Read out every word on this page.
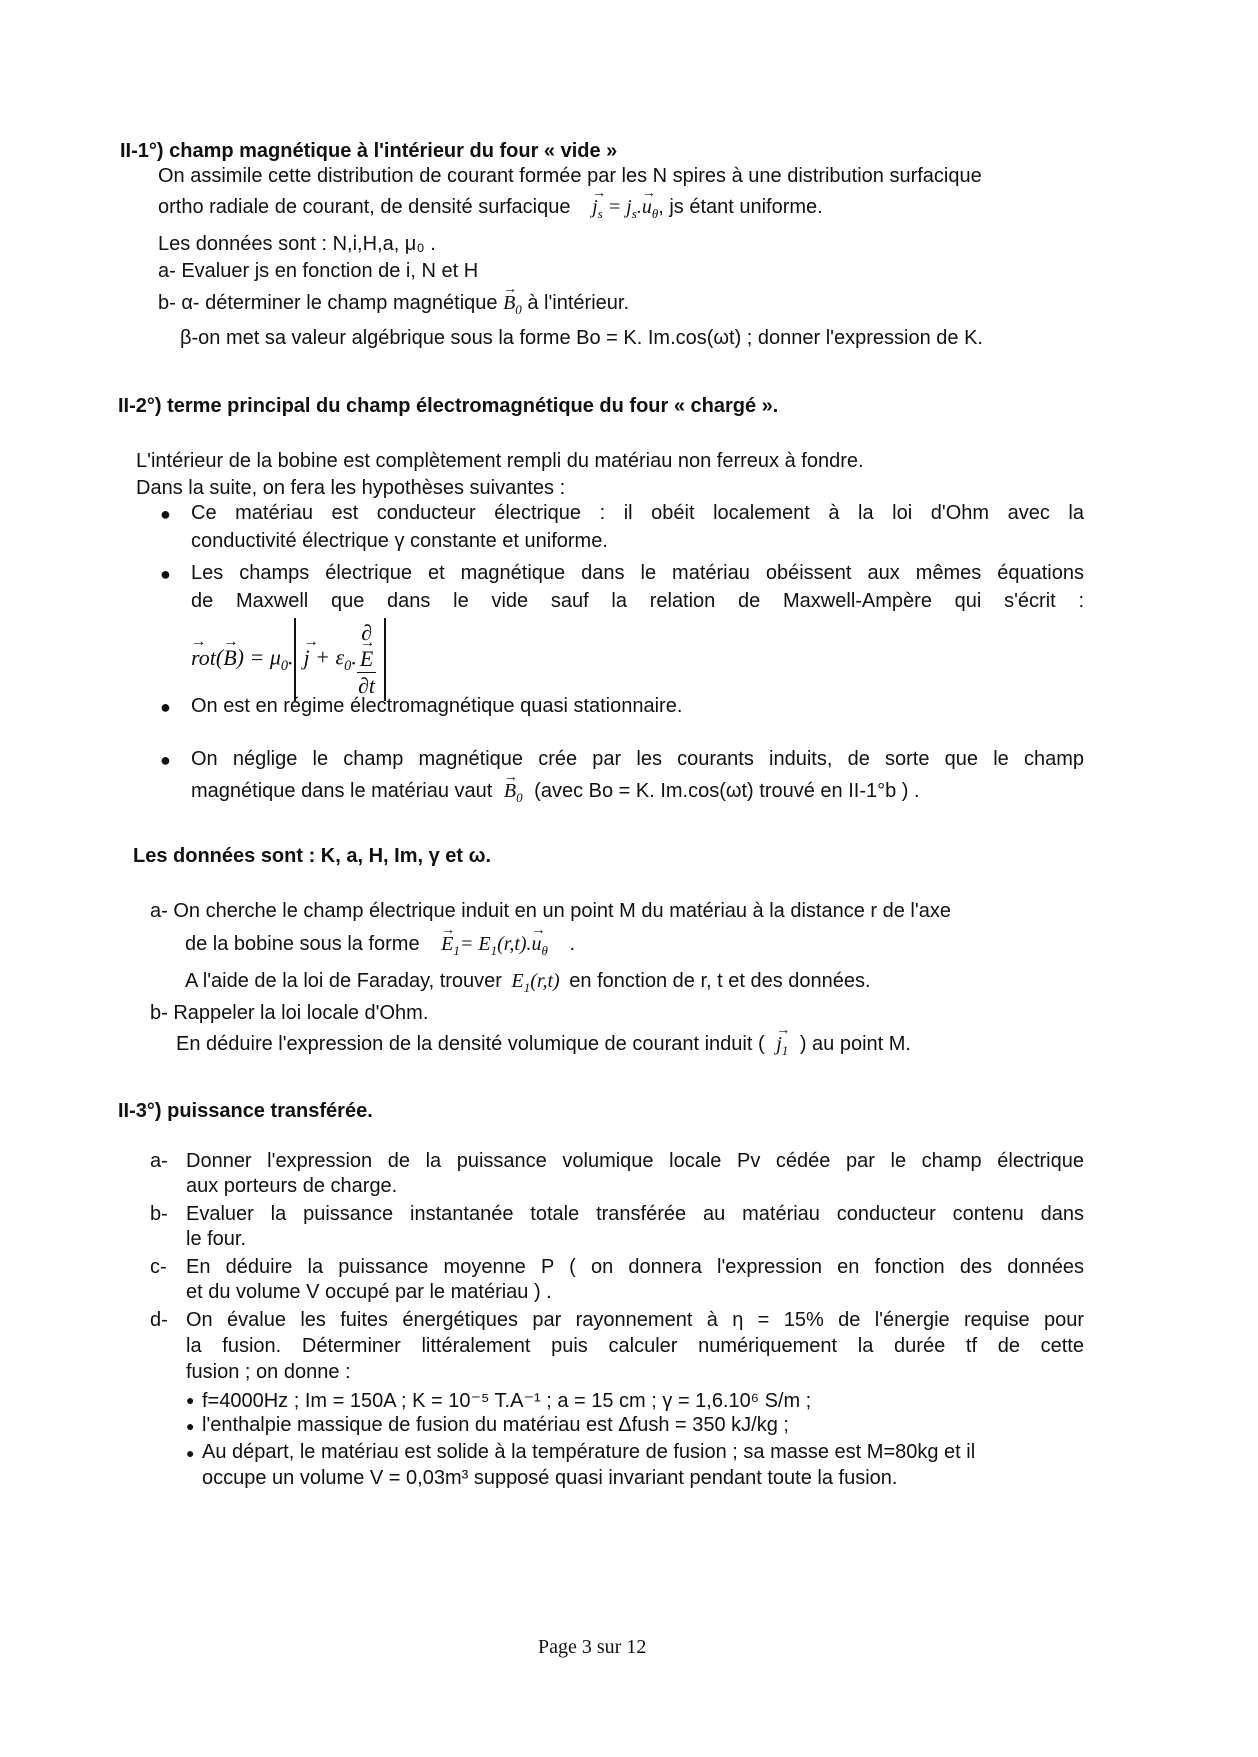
II-1°) champ magnétique à l'intérieur du four « vide »
On assimile cette distribution de courant formée par les N spires à une distribution surfacique
ortho radiale de courant, de densité surfacique → $j_s = j_s.\to u_\theta$, js étant uniforme.
Les données sont : N,i,H,a, μ₀ .
a- Evaluer js en fonction de i, N et H
b- α- déterminer le champ magnétique → $B_0$ à l'intérieur.
β-on met sa valeur algébrique sous la forme Bo = K. Im.cos(ωt) ; donner l'expression de K.
II-2°) terme principal du champ électromagnétique du four « chargé ».
L'intérieur de la bobine est complètement rempli du matériau non ferreux à fondre.
Dans la suite, on fera les hypothèses suivantes :
● Ce matériau est conducteur électrique : il obéit localement à la loi d'Ohm avec la
conductivité électrique γ constante et uniforme.
● Les champs électrique et magnétique dans le matériau obéissent aux mêmes équations
de Maxwell que dans le vide sauf la relation de Maxwell-Ampère qui s'écrit :
→ $rot(\to B) = \mu_0.\to j + \varepsilon_0$. ∂
→ E
∂t
● On est en régime électromagnétique quasi stationnaire.
● On néglige le champ magnétique crée par les courants induits, de sorte que le champ
magnétique dans le matériau vaut → $B_0$ (avec Bo = K. Im.cos(ωt) trouvé en II-1°b ) .
Les données sont : K, a, H, Im, γ et ω.
a- On cherche le champ électrique induit en un point M du matériau à la distance r de l'axe
de la bobine sous la forme → $E_1= E_1(r,t).\to u_\theta$ .
A l'aide de la loi de Faraday, trouver $E_1(r,t)$ en fonction de r, t et des données.
b- Rappeler la loi locale d'Ohm.
En déduire l'expression de la densité volumique de courant induit ( → $j_1$ ) au point M.
II-3°) puissance transférée.
a- Donner l'expression de la puissance volumique locale Pv cédée par le champ électrique
aux porteurs de charge.
b- Evaluer la puissance instantanée totale transférée au matériau conducteur contenu dans
le four.
c- En déduire la puissance moyenne P ( on donnera l'expression en fonction des données
et du volume V occupé par le matériau ) .
d- On évalue les fuites énergétiques par rayonnement à η = 15% de l'énergie requise pour
la fusion. Déterminer littéralement puis calculer numériquement la durée tf de cette
fusion ; on donne :
● f=4000Hz ; Im = 150A ; K = 10⁻⁵ T.A⁻¹ ; a = 15 cm ; γ = 1,6.10⁶ S/m ;
● l'enthalpie massique de fusion du matériau est Δfush = 350 kJ/kg ;
● Au départ, le matériau est solide à la température de fusion ; sa masse est M=80kg et il
occupe un volume V = 0,03m³ supposé quasi invariant pendant toute la fusion.
Page 3 sur 12
